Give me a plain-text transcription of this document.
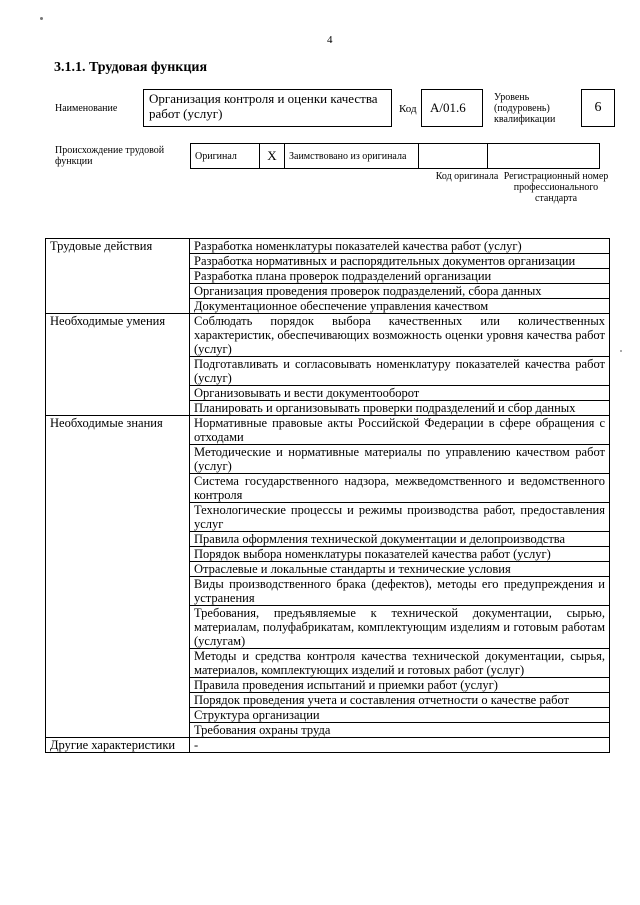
4
3.1.1. Трудовая функция
Наименование
Организация контроля и оценки качества работ (услуг)	Код	A/01.6
Уровень (подуровень) квалификации
6
Происхождение трудовой функции	Оригинал	X	Заимствовано из оригинала		
Код оригинала Регистрационный номер профессионального стандарта
Трудовые действия	Разработка номенклатуры показателей качества работ (услуг)
	Разработка нормативных и распорядительных документов организации
	Разработка плана проверок подразделений организации
	Организация проведения проверок подразделений, сбора данных
	Документационное обеспечение управления качеством
Необходимые умения	Соблюдать порядок выбора качественных или количественных характеристик, обеспечивающих возможность оценки уровня качества работ (услуг)
	Подготавливать и согласовывать номенклатуру показателей качества работ (услуг)
	Организовывать и вести документооборот
	Планировать и организовывать проверки подразделений и сбор данных
Необходимые знания	Нормативные правовые акты Российской Федерации в сфере обращения с отходами
	Методические и нормативные материалы по управлению качеством работ (услуг)
	Система государственного надзора, межведомственного и ведомственного контроля
	Технологические процессы и режимы производства работ, предоставления услуг
	Правила оформления технической документации и делопроизводства
	Порядок выбора номенклатуры показателей качества работ (услуг)
	Отраслевые и локальные стандарты и технические условия
	Виды производственного брака (дефектов), методы его предупреждения и устранения
	Требования, предъявляемые к технической документации, сырью, материалам, полуфабрикатам, комплектующим изделиям и готовым работам (услугам)
	Методы и средства контроля качества технической документации, сырья, материалов, комплектующих изделий и готовых работ (услуг)
	Правила проведения испытаний и приемки работ (услуг)
	Порядок проведения учета и составления отчетности о качестве работ
	Структура организации
	Требования охраны труда
Другие характеристики	-
